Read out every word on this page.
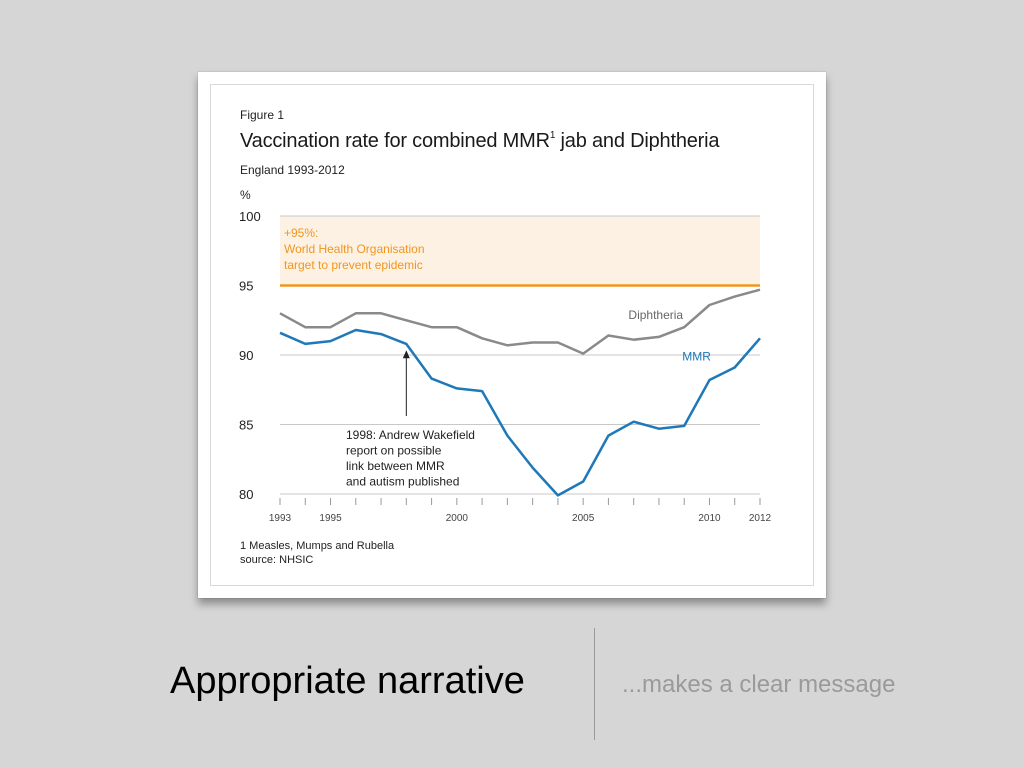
80
85
90
95
100
1993	1995	2000	2005	2010	2012
+95%:
World Health Organisation
target to prevent epidemic
Diphtheria
MMR
1998: Andrew Wakefield
report on possible
link between MMR
and autism published
Figure 1
Vaccination rate for combined MMR$^1$ jab and Diphtheria
England 1993-2012
%
1 Measles, Mumps and Rubella
source: NHSIC
Appropriate narrative	...makes a clear message
